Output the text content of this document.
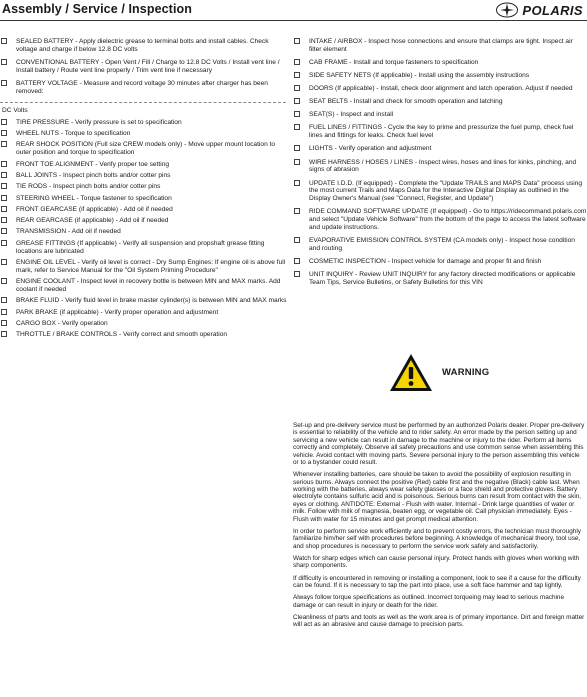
Assembly / Service / Inspection	POLARIS
SEALED BATTERY - Apply dielectric grease to terminal bolts and install cables. Check voltage and charge if below 12.8 DC volts
CONVENTIONAL BATTERY - Open Vent / Fill / Charge to 12.8 DC Volts / Install vent line / Install battery / Route vent line properly / Trim vent line if necessary
BATTERY VOLTAGE - Measure and record voltage 30 minutes after charger has been removed:
DC Volts
TIRE PRESSURE - Verify pressure is set to specification
WHEEL NUTS - Torque to specification
REAR SHOCK POSITION (Full size CREW models only) - Move upper mount location to outer position and torque to specification
FRONT TOE ALIGNMENT - Verify proper toe setting
BALL JOINTS - Inspect pinch bolts and/or cotter pins
TIE RODS - Inspect pinch bolts and/or cotter pins
STEERING WHEEL - Torque fastener to specification
FRONT GEARCASE (if applicable) - Add oil if needed
REAR GEARCASE (if applicable) - Add oil if needed
TRANSMISSION - Add oil if needed
GREASE FITTINGS (If applicable) - Verify all suspension and propshaft grease fitting locations are lubricated
ENGINE OIL LEVEL - Verify oil level is correct - Dry Sump Engines: If engine oil is above full mark, refer to Service Manual for the "Oil System Priming Procedure"
ENGINE COOLANT - Inspect level in recovery bottle is between MIN and MAX marks. Add coolant if needed
BRAKE FLUID - Verify fluid level in brake master cylinder(s) is between MIN and MAX marks
PARK BRAKE (if applicable) - Verify proper operation and adjustment
CARGO BOX - Verify operation
THROTTLE / BRAKE CONTROLS - Verify correct and smooth operation
INTAKE / AIRBOX - Inspect hose connections and ensure that clamps are tight. Inspect air filter element
CAB FRAME - Install and torque fasteners to specification
SIDE SAFETY NETS (If applicable) - Install using the assembly instructions
DOORS (If applicable) - Install, check door alignment and latch operation. Adjust if needed
SEAT BELTS - Install and check for smooth operation and latching
SEAT(S) - Inspect and install
FUEL LINES / FITTINGS - Cycle the key to prime and pressurize the fuel pump, check fuel lines and fittings for leaks. Check fuel level
LIGHTS - Verify operation and adjustment
WIRE HARNESS / HOSES / LINES - Inspect wires, hoses and lines for kinks, pinching, and signs of abrasion
UPDATE I.D.D. (If equipped) - Complete the "Update TRAILS and MAPS Data" process using the most current Trails and Maps Data for the Interactive Digital Display as outlined in the Display Owner's Manual (see "Connect, Register, and Update")
RIDE COMMAND SOFTWARE UPDATE (If equipped) - Go to https://ridecommand.polaris.com and select "Update Vehicle Software" from the bottom of the page to access the latest software and update instructions.
EVAPORATIVE EMISSION CONTROL SYSTEM (CA models only) - Inspect hose condition and routing
COSMETIC INSPECTION - Inspect vehicle for damage and proper fit and finish
UNIT INQUIRY - Review UNIT INQUIRY for any factory directed modifications or applicable Team Tips, Service Bulletins, or Safety Bulletins for this VIN
WARNING

Set-up and pre-delivery service must be performed by an authorized Polaris dealer. Proper pre-delivery is essential to reliability of the vehicle and to rider safety. An error made by the person setting up and servicing a new vehicle can result in damage to the machine or injury to the rider. Perform all items correctly and completely. Observe all safety precautions and use common sense when assembling this vehicle. Avoid contact with moving parts. Severe personal injury to the person assembling this vehicle or to a bystander could result.

Whenever installing batteries, care should be taken to avoid the possibility of explosion resulting in serious burns. Always connect the positive (Red) cable first and the negative (Black) cable last. When working with the batteries, always wear safety glasses or a face shield and protective gloves. Battery electrolyte contains sulfuric acid and is poisonous. Serious burns can result from contact with the skin, eyes or clothing. ANTIDOTE: External - Flush with water. Internal - Drink large quantities of water or milk. Follow with milk of magnesia, beaten egg, or vegetable oil. Call physician immediately. Eyes - Flush with water for 15 minutes and get prompt medical attention.

In order to perform service work efficiently and to prevent costly errors, the technician must thoroughly familiarize him/her self with procedures before beginning. A knowledge of mechanical theory, tool use, and shop procedures is necessary to perform the service work safely and satisfactorily.

Watch for sharp edges which can cause personal injury. Protect hands with gloves when working with sharp components.

If difficulty is encountered in removing or installing a component, look to see if a cause for the difficulty can be found. If it is necessary to tap the part into place, use a soft face hammer and tap lightly.

Always follow torque specifications as outlined. Incorrect torqueing may lead to serious machine damage or can result in injury or death for the rider.

Cleanliness of parts and tools as well as the work area is of primary importance. Dirt and foreign matter will act as an abrasive and cause damage to precision parts.
